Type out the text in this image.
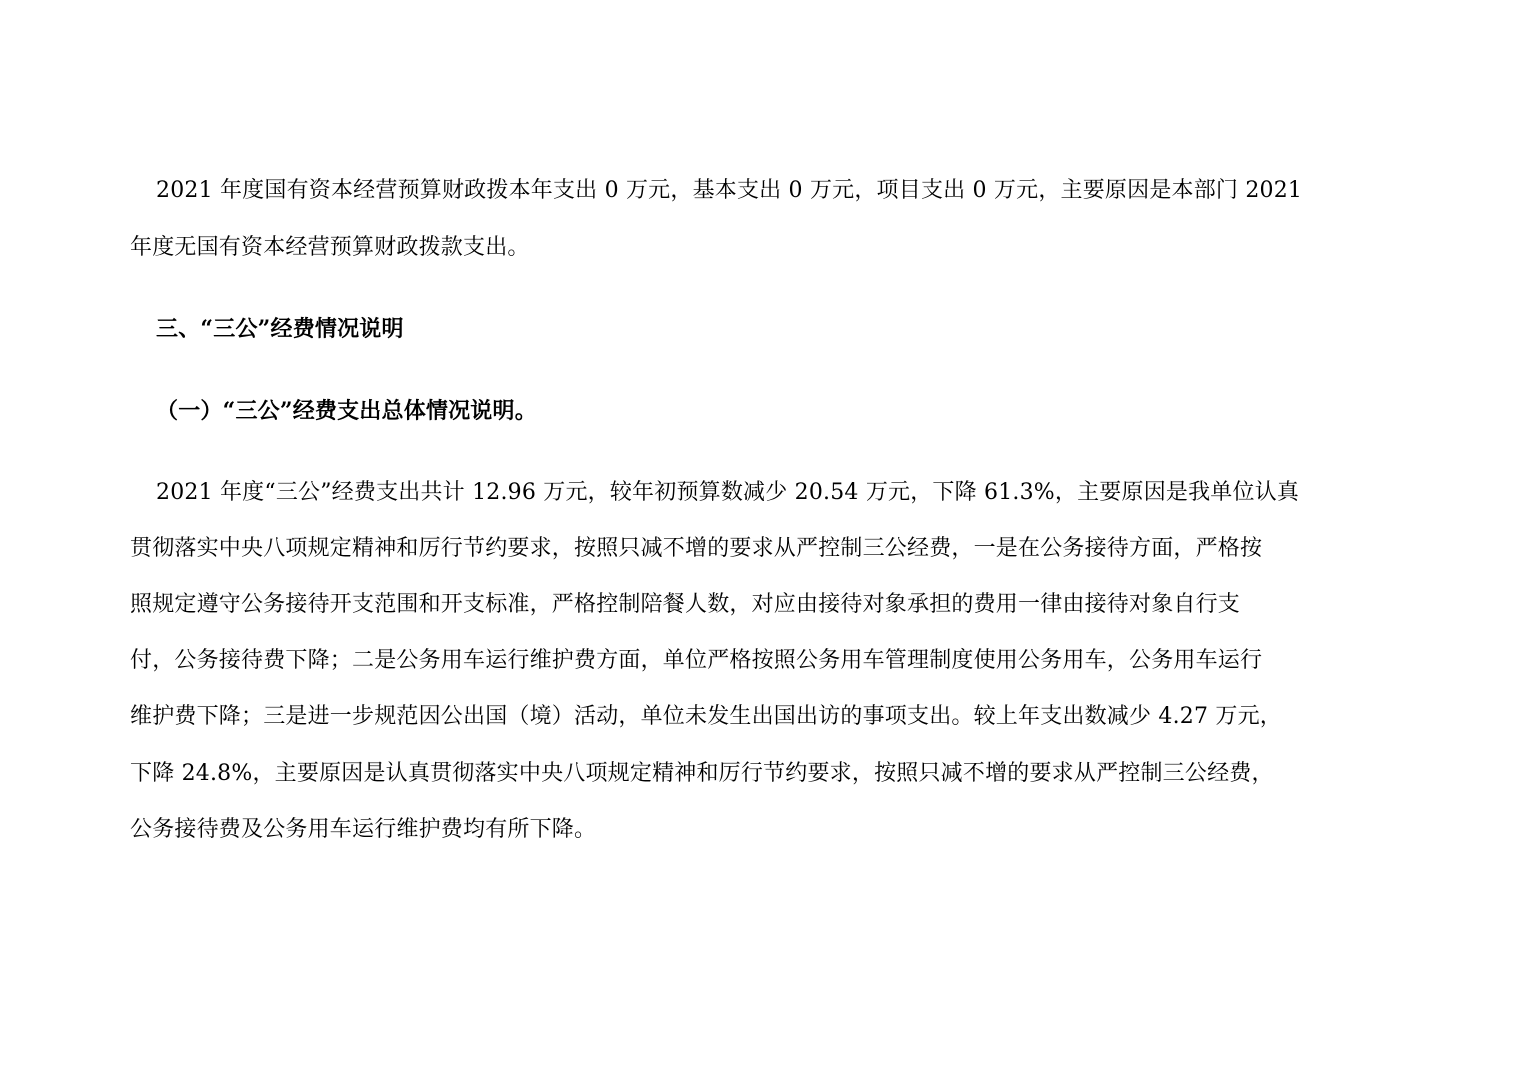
2021 年度国有资本经营预算财政拨本年支出 0 万元，基本支出 0 万元，项目支出 0 万元，主要原因是本部门 2021
年度无国有资本经营预算财政拨款支出。
三、“三公”经费情况说明
（一）“三公”经费支出总体情况说明。
2021 年度“三公”经费支出共计 12.96 万元，较年初预算数减少 20.54 万元，下降 61.3%，主要原因是我单位认真
贯彻落实中央八项规定精神和厉行节约要求，按照只减不增的要求从严控制三公经费，一是在公务接待方面，严格按
照规定遵守公务接待开支范围和开支标准，严格控制陪餐人数，对应由接待对象承担的费用一律由接待对象自行支
付，公务接待费下降；二是公务用车运行维护费方面，单位严格按照公务用车管理制度使用公务用车，公务用车运行
维护费下降；三是进一步规范因公出国（境）活动，单位未发生出国出访的事项支出。较上年支出数减少 4.27 万元，
下降 24.8%，主要原因是认真贯彻落实中央八项规定精神和厉行节约要求，按照只减不增的要求从严控制三公经费，
公务接待费及公务用车运行维护费均有所下降。
